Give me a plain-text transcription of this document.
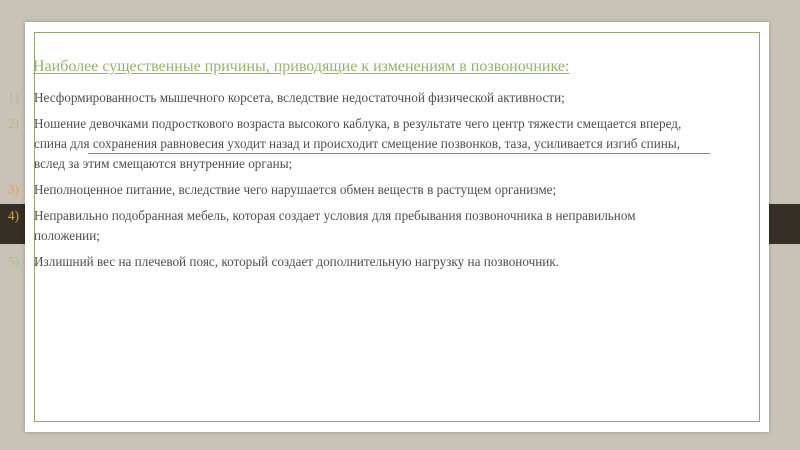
Наиболее существенные причины, приводящие к изменениям в позвоночнике:
1) Несформированность мышечного корсета, вследствие недостаточной физической активности;
2) Ношение девочками подросткового возраста высокого каблука, в результате чего центр тяжести смещается вперед, спина для сохранения равновесия уходит назад и происходит смещение позвонков, таза, усиливается изгиб спины, вслед за этим смещаются внутренние органы;
3) Неполноценное питание, вследствие чего нарушается обмен веществ в растущем организме;
4) Неправильно подобранная мебель, которая создает условия для пребывания позвоночника в неправильном положении;
5) Излишний вес на плечевой пояс, который создает дополнительную нагрузку на позвоночник.
